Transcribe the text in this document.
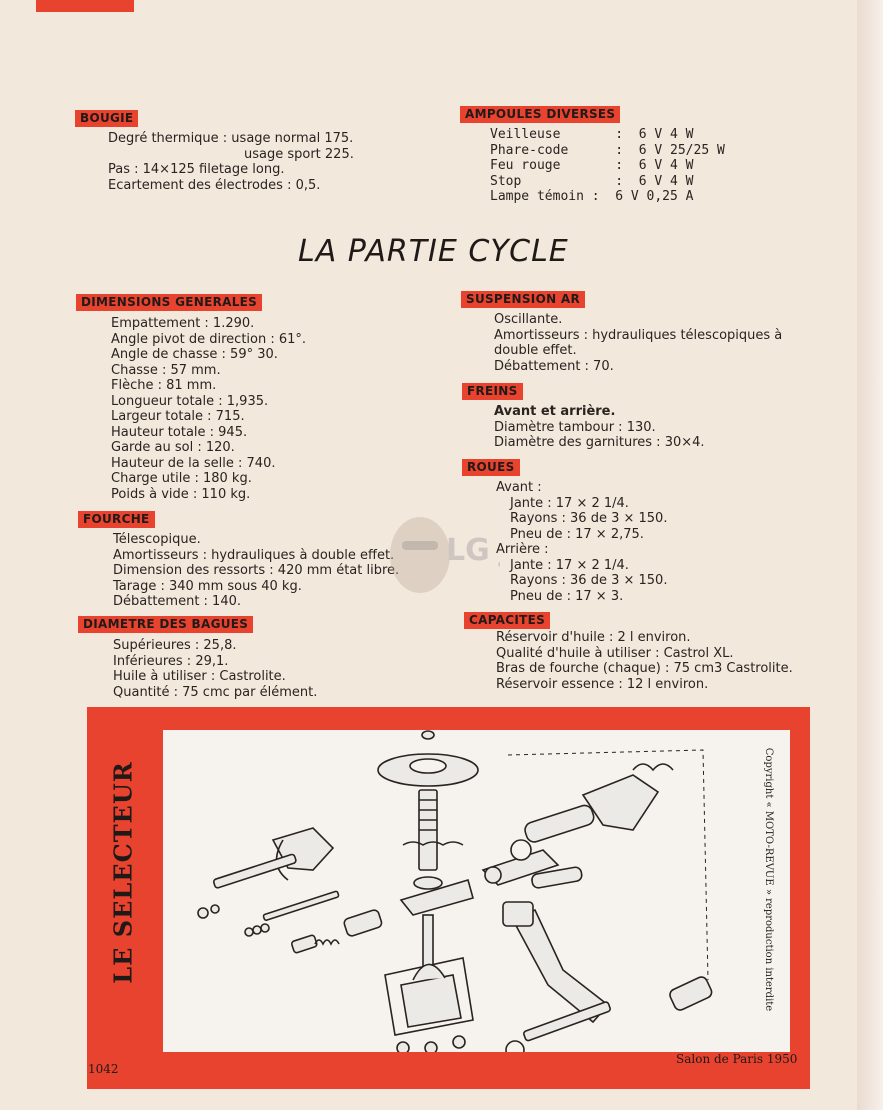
BOUGIE
Degré thermique : usage normal 175.
usage sport 225.
Pas : 14×125 filetage long.
Ecartement des électrodes : 0,5.
AMPOULES DIVERSES
Veilleuse       :  6 V 4 W
Phare-code      :  6 V 25/25 W
Feu rouge       :  6 V 4 W
Stop            :  6 V 4 W
Lampe témoin :  6 V 0,25 A
LA PARTIE CYCLE
DIMENSIONS GENERALES
Empattement : 1.290.
Angle pivot de direction : 61°.
Angle de chasse : 59° 30.
Chasse : 57 mm.
Flèche : 81 mm.
Longueur totale : 1,935.
Largeur totale : 715.
Hauteur totale : 945.
Garde au sol : 120.
Hauteur de la selle : 740.
Charge utile : 180 kg.
Poids à vide : 110 kg.
FOURCHE
Télescopique.
Amortisseurs : hydrauliques à double effet.
Dimension des ressorts : 420 mm état libre.
Tarage : 340 mm sous 40 kg.
Débattement : 140.
DIAMETRE DES BAGUES
Supérieures : 25,8.
Inférieures : 29,1.
Huile à utiliser : Castrolite.
Quantité : 75 cmc par élément.
SUSPENSION AR
Oscillante.
Amortisseurs : hydrauliques télescopiques à
double effet.
Débattement : 70.
FREINS
Avant et arrière.
Diamètre tambour : 130.
Diamètre des garnitures : 30×4.
ROUES
Avant :
Jante : 17 × 2 1/4.
Rayons : 36 de 3 × 150.
Pneu de : 17 × 2,75.
Arrière :
Jante : 17 × 2 1/4.
Rayons : 36 de 3 × 150.
Pneu de : 17 × 3.
CAPACITES
Réservoir d'huile : 2 l environ.
Qualité d'huile à utiliser : Castrol XL.
Bras de fourche (chaque) : 75 cm3 Castrolite.
Réservoir essence : 12 l environ.
LG
LE SELECTEUR	Copyright « MOTO-REVUE » reproduction interdite
Salon de Paris 1950
1042
